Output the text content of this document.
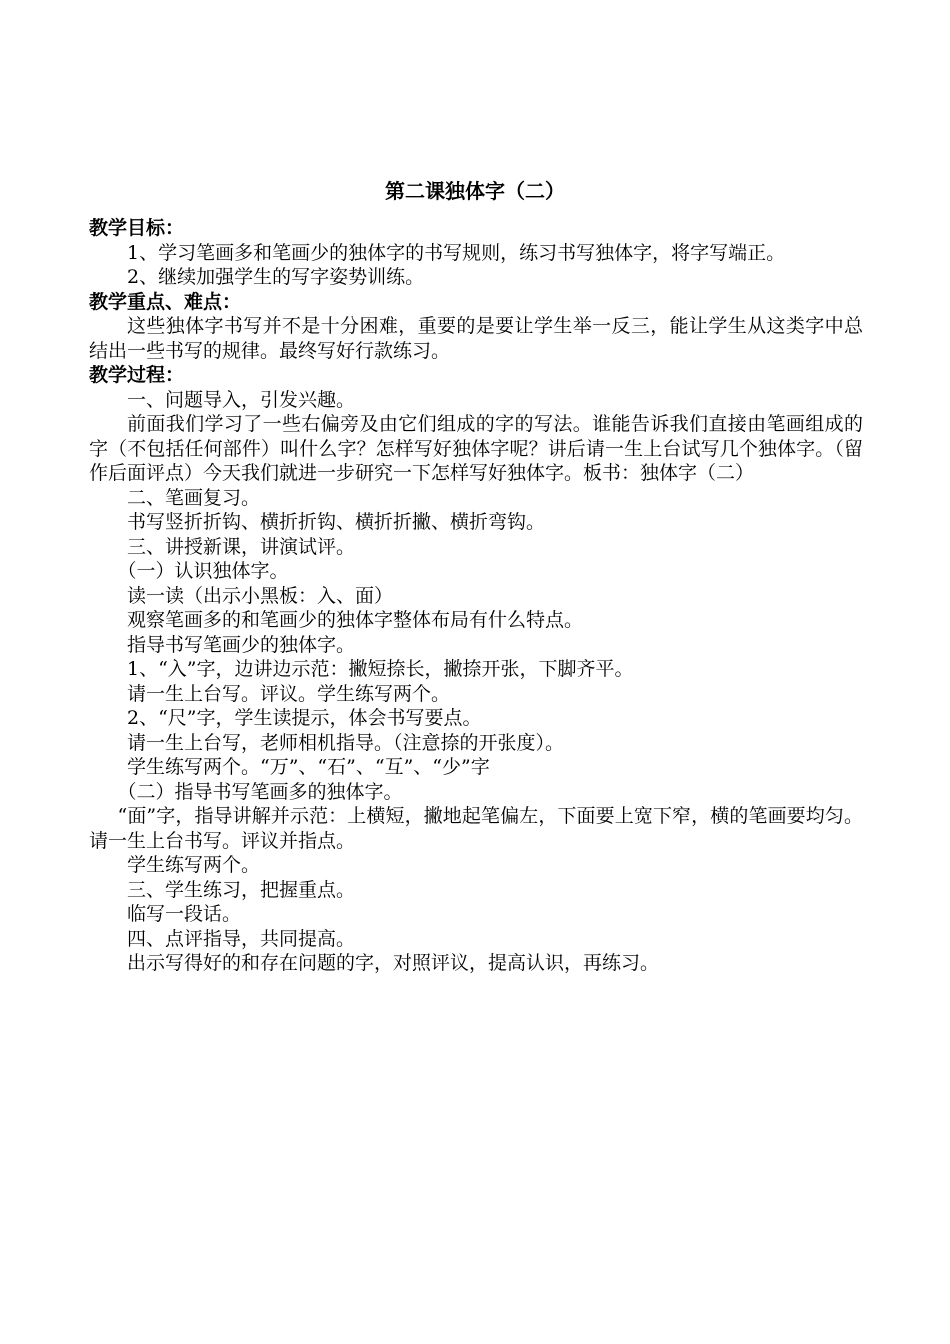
第二课独体字（二）

教学目标：

1、学习笔画多和笔画少的独体字的书写规则，练习书写独体字，将字写端正。

2、继续加强学生的写字姿势训练。

教学重点、难点：

这些独体字书写并不是十分困难，重要的是要让学生举一反三，能让学生从这类字中总结出一些书写的规律。最终写好行款练习。

教学过程：

一、问题导入，引发兴趣。

前面我们学习了一些右偏旁及由它们组成的字的写法。谁能告诉我们直接由笔画组成的字（不包括任何部件）叫什么字？怎样写好独体字呢？讲后请一生上台试写几个独体字。（留作后面评点）今天我们就进一步研究一下怎样写好独体字。板书：独体字（二）

二、笔画复习。

书写竖折折钩、横折折钩、横折折撇、横折弯钩。

三、讲授新课，讲演试评。

（一）认识独体字。

读一读（出示小黑板：入、面）

观察笔画多的和笔画少的独体字整体布局有什么特点。

指导书写笔画少的独体字。

1、“入”字，边讲边示范：撇短捺长，撇捺开张，下脚齐平。

请一生上台写。评议。学生练写两个。

2、“尺”字，学生读提示，体会书写要点。

请一生上台写，老师相机指导。（注意捺的开张度）。

学生练写两个。“万”、“石”、“互”、“少”字

（二）指导书写笔画多的独体字。

“面”字，指导讲解并示范：上横短，撇地起笔偏左，下面要上宽下窄，横的笔画要均匀。请一生上台书写。评议并指点。

学生练写两个。

三、学生练习，把握重点。

临写一段话。

四、点评指导，共同提高。

出示写得好的和存在问题的字，对照评议，提高认识，再练习。
